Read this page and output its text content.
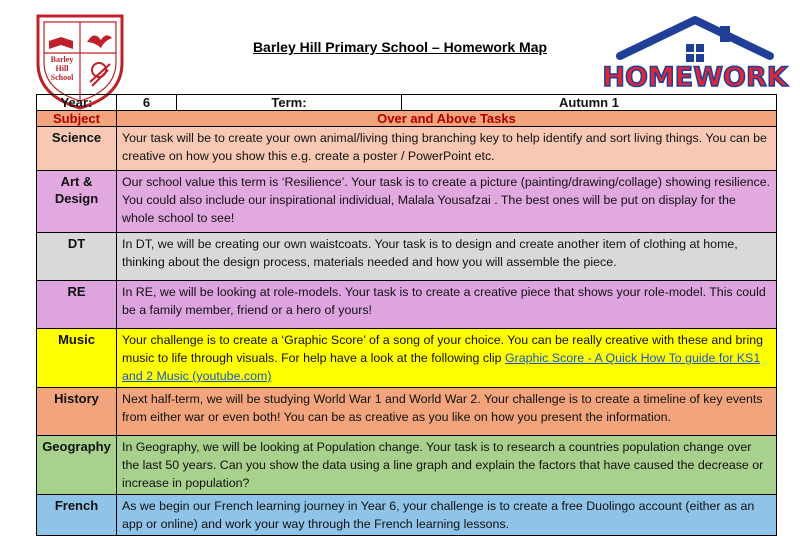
Barley
Hill
School
Barley Hill Primary School – Homework Map
HOMEWORK
Year:	6	Term:	Autumn 1
Subject	Over and Above Tasks		
Science	Your task will be to create your own animal/living thing branching key to help identify and sort living things. You can be creative on how you show this e.g. create a poster / PowerPoint etc.		
Art & Design	Our school value this term is ‘Resilience’. Your task is to create a picture (painting/drawing/collage) showing resilience. You could also include our inspirational individual, Malala Yousafzai . The best ones will be put on display for the whole school to see!		
DT	In DT, we will be creating our own waistcoats. Your task is to design and create another item of clothing at home, thinking about the design process, materials needed and how you will assemble the piece.		
RE	In RE, we will be looking at role-models. Your task is to create a creative piece that shows your role-model. This could be a family member, friend or a hero of yours!		
Music	Your challenge is to create a ‘Graphic Score’ of a song of your choice. You can be really creative with these and bring music to life through visuals. For help have a look at the following clip Graphic Score - A Quick How To guide for KS1 and 2 Music (youtube.com)		
History	Next half-term, we will be studying World War 1 and World War 2. Your challenge is to create a timeline of key events from either war or even both! You can be as creative as you like on how you present the information.		
Geography	In Geography, we will be looking at Population change. Your task is to research a countries population change over the last 50 years. Can you show the data using a line graph and explain the factors that have caused the decrease or increase in population?		
French	As we begin our French learning journey in Year 6, your challenge is to create a free Duolingo account (either as an app or online) and work your way through the French learning lessons.		
